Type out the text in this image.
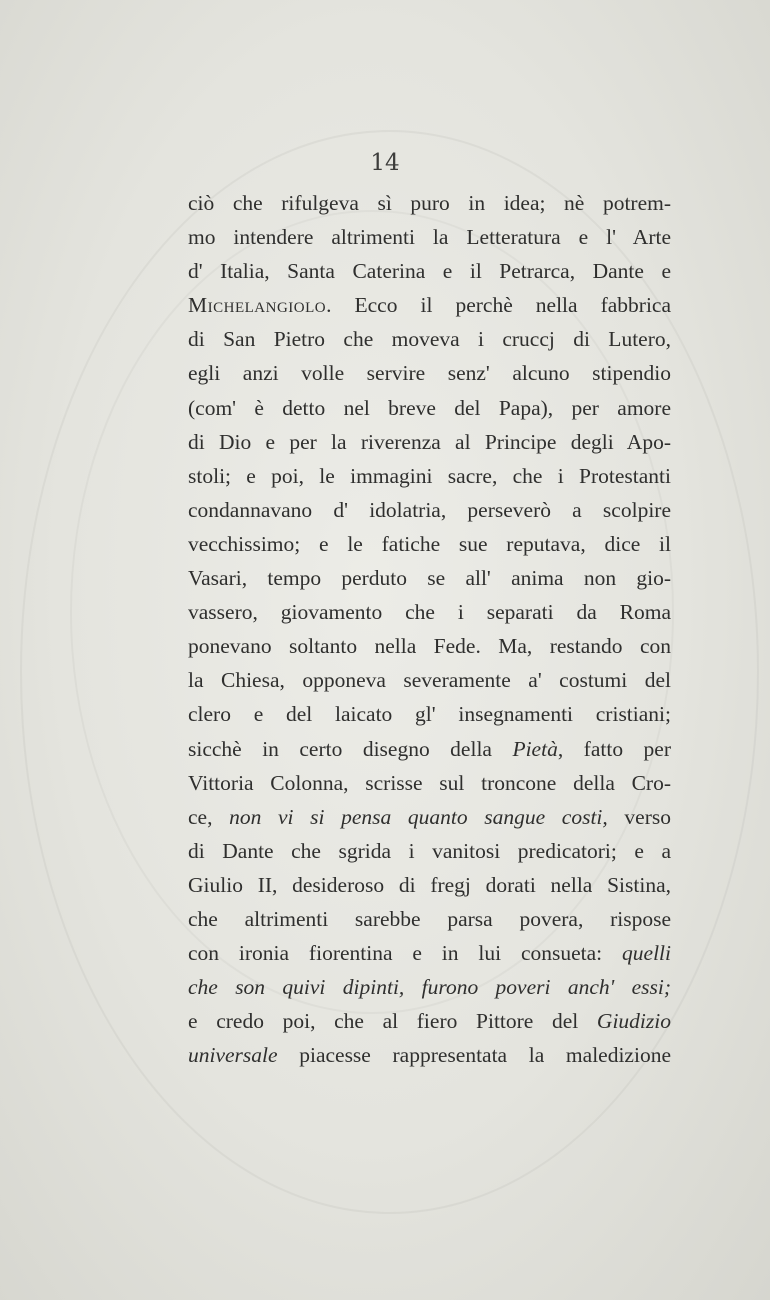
14
ciò che rifulgeva sì puro in idea; nè potrem-
mo intendere altrimenti la Letteratura e l' Arte
d' Italia, Santa Caterina e il Petrarca, Dante e
Michelangiolo. Ecco il perchè nella fabbrica
di San Pietro che moveva i cruccj di Lutero,
egli anzi volle servire senz' alcuno stipendio
(com' è detto nel breve del Papa), per amore
di Dio e per la riverenza al Principe degli Apo-
stoli; e poi, le immagini sacre, che i Protestanti
condannavano d' idolatria, perseverò a scolpire
vecchissimo; e le fatiche sue reputava, dice il
Vasari, tempo perduto se all' anima non gio-
vassero, giovamento che i separati da Roma
ponevano soltanto nella Fede. Ma, restando con
la Chiesa, opponeva severamente a' costumi del
clero e del laicato gl' insegnamenti cristiani;
sicchè in certo disegno della Pietà, fatto per
Vittoria Colonna, scrisse sul troncone della Cro-
ce, non vi si pensa quanto sangue costi, verso
di Dante che sgrida i vanitosi predicatori; e a
Giulio II, desideroso di fregj dorati nella Sistina,
che altrimenti sarebbe parsa povera, rispose
con ironia fiorentina e in lui consueta: quelli
che son quivi dipinti, furono poveri anch' essi;
e credo poi, che al fiero Pittore del Giudizio
universale piacesse rappresentata la maledizione
